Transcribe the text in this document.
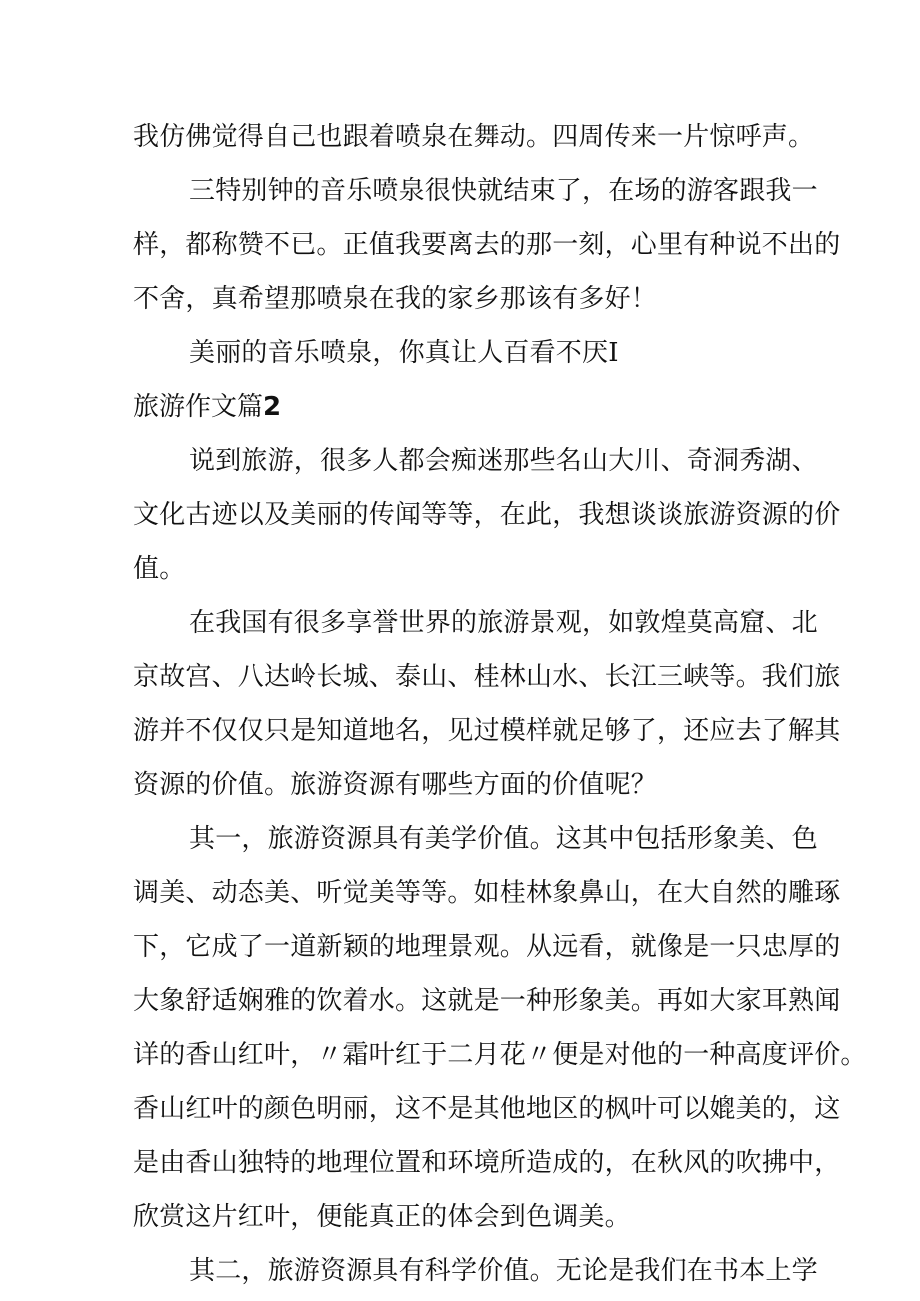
我仿佛觉得自己也跟着喷泉在舞动。四周传来一片惊呼声。
三特别钟的音乐喷泉很快就结束了，在场的游客跟我一
样，都称赞不已。正值我要离去的那一刻，心里有种说不出的
不舍，真希望那喷泉在我的家乡那该有多好！
美丽的音乐喷泉，你真让人百看不厌I
旅游作文篇2
说到旅游，很多人都会痴迷那些名山大川、奇洞秀湖、
文化古迹以及美丽的传闻等等，在此，我想谈谈旅游资源的价
值。
在我国有很多享誉世界的旅游景观，如敦煌莫高窟、北
京故宫、八达岭长城、泰山、桂林山水、长江三峡等。我们旅
游并不仅仅只是知道地名，见过模样就足够了，还应去了解其
资源的价值。旅游资源有哪些方面的价值呢？
其一，旅游资源具有美学价值。这其中包括形象美、色
调美、动态美、听觉美等等。如桂林象鼻山，在大自然的雕琢
下，它成了一道新颖的地理景观。从远看，就像是一只忠厚的
大象舒适娴雅的饮着水。这就是一种形象美。再如大家耳熟闻
详的香山红叶，〃霜叶红于二月花〃便是对他的一种高度评价。
香山红叶的颜色明丽，这不是其他地区的枫叶可以媲美的，这
是由香山独特的地理位置和环境所造成的，在秋风的吹拂中，
欣赏这片红叶，便能真正的体会到色调美。
其二，旅游资源具有科学价值。无论是我们在书本上学
